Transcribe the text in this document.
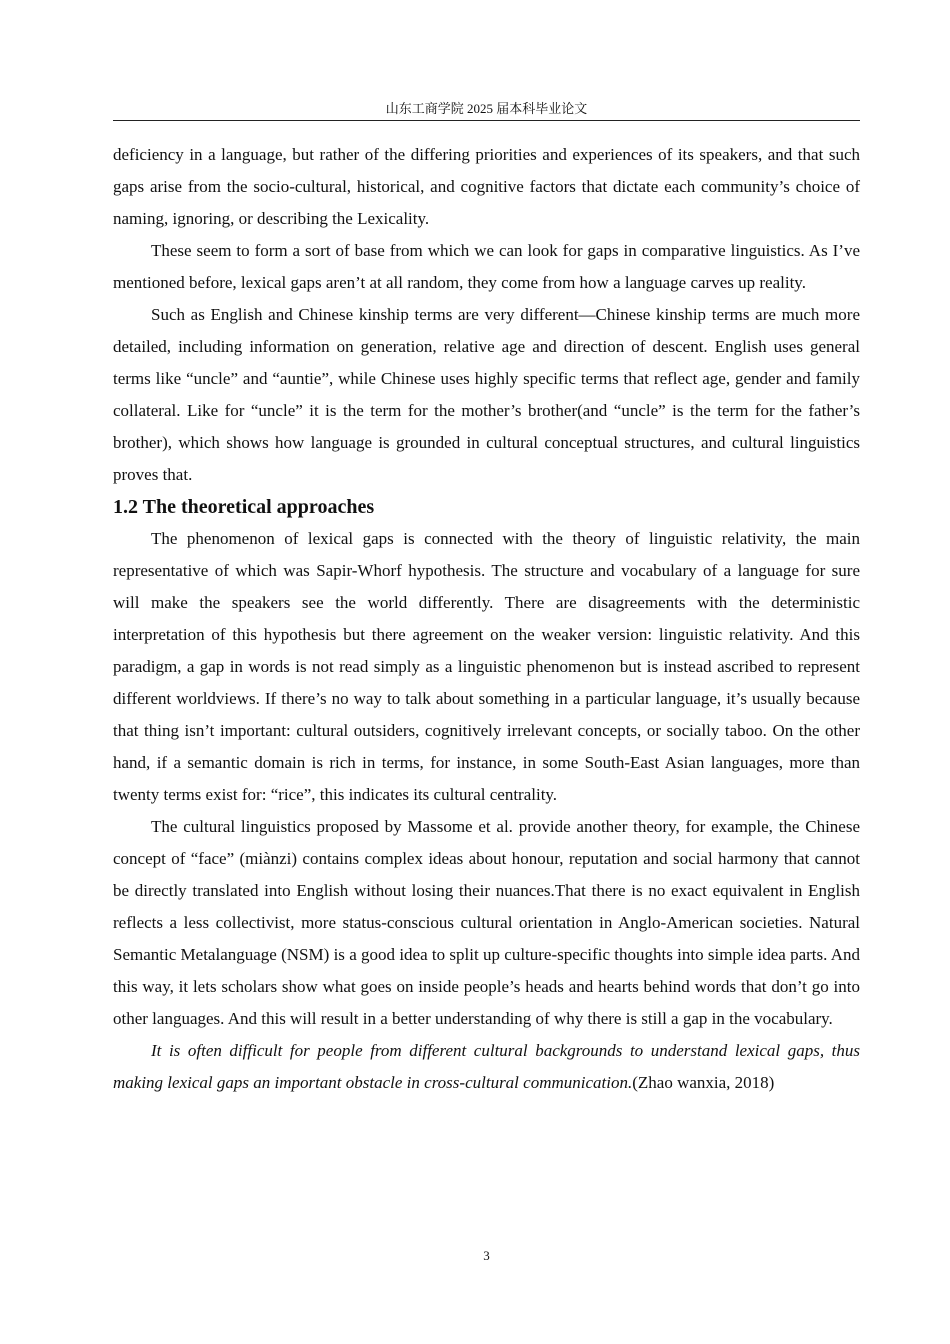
山东工商学院 2025 届本科毕业论文

deficiency in a language, but rather of the differing priorities and experiences of its speakers, and that such gaps arise from the socio-cultural, historical, and cognitive factors that dictate each community’s choice of naming, ignoring, or describing the Lexicality.

These seem to form a sort of base from which we can look for gaps in comparative linguistics. As I’ve mentioned before, lexical gaps aren’t at all random, they come from how a language carves up reality.

Such as English and Chinese kinship terms are very different—Chinese kinship terms are much more detailed, including information on generation, relative age and direction of descent. English uses general terms like “uncle” and “auntie”, while Chinese uses highly specific terms that reflect age, gender and family collateral. Like for “uncle” it is the term for the mother’s brother(and “uncle” is the term for the father’s brother), which shows how language is grounded in cultural conceptual structures, and cultural linguistics proves that.

1.2 The theoretical approaches

The phenomenon of lexical gaps is connected with the theory of linguistic relativity, the main representative of which was Sapir-Whorf hypothesis. The structure and vocabulary of a language for sure will make the speakers see the world differently. There are disagreements with the deterministic interpretation of this hypothesis but there agreement on the weaker version: linguistic relativity. And this paradigm, a gap in words is not read simply as a linguistic phenomenon but is instead ascribed to represent different worldviews. If there’s no way to talk about something in a particular language, it’s usually because that thing isn’t important: cultural outsiders, cognitively irrelevant concepts, or socially taboo. On the other hand, if a semantic domain is rich in terms, for instance, in some South-East Asian languages, more than twenty terms exist for: “rice”, this indicates its cultural centrality.

The cultural linguistics proposed by Massome et al. provide another theory, for example, the Chinese concept of “face” (miànzi) contains complex ideas about honour, reputation and social harmony that cannot be directly translated into English without losing their nuances.That there is no exact equivalent in English reflects a less collectivist, more status-conscious cultural orientation in Anglo-American societies. Natural Semantic Metalanguage (NSM) is a good idea to split up culture-specific thoughts into simple idea parts. And this way, it lets scholars show what goes on inside people’s heads and hearts behind words that don’t go into other languages. And this will result in a better understanding of why there is still a gap in the vocabulary.

It is often difficult for people from different cultural backgrounds to understand lexical gaps, thus making lexical gaps an important obstacle in cross-cultural communication.(Zhao wanxia, 2018)

3
